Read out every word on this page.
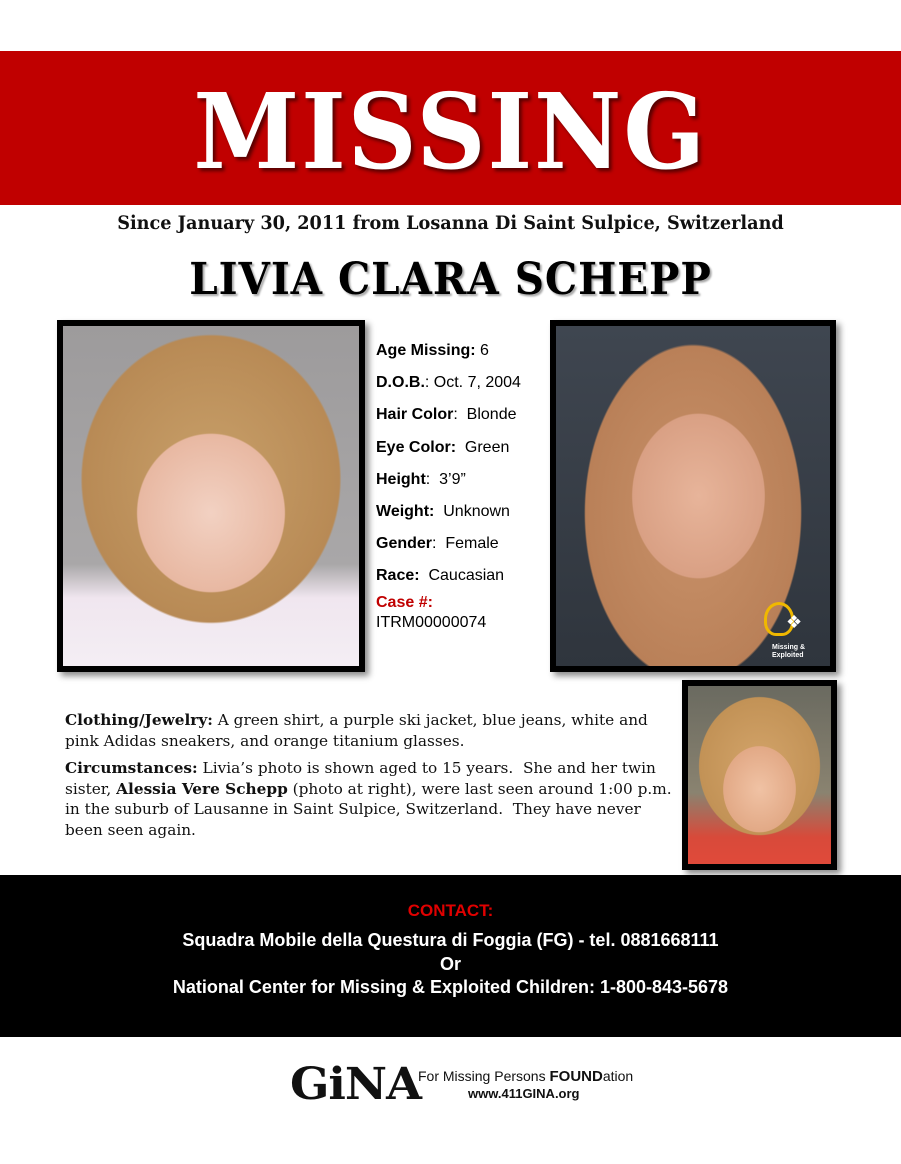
MISSING
Since January 30, 2011 from Losanna Di Saint Sulpice, Switzerland
LIVIA CLARA SCHEPP
❖
Missing & Exploited
Age Missing: 6
D.O.B.: Oct. 7, 2004
Hair Color:  Blonde
Eye Color: Green
Height:  3’9”
Weight: Unknown
Gender:  Female
Race: Caucasian
Case #:
ITRM00000074

Clothing/Jewelry: A green shirt, a purple ski jacket, blue jeans, white and pink Adidas sneakers, and orange titanium glasses.

Circumstances: Livia’s photo is shown aged to 15 years.  She and her twin sister, Alessia Vere Schepp (photo at right), were last seen around 1:00 p.m. in the suburb of Lausanne in Saint Sulpice, Switzerland.  They have never been seen again.

CONTACT:
Squadra Mobile della Questura di Foggia (FG) - tel. 0881668111
Or
National Center for Missing & Exploited Children: 1-800-843-5678
GiNA
For Missing Persons FOUNDation
www.411GINA.org
